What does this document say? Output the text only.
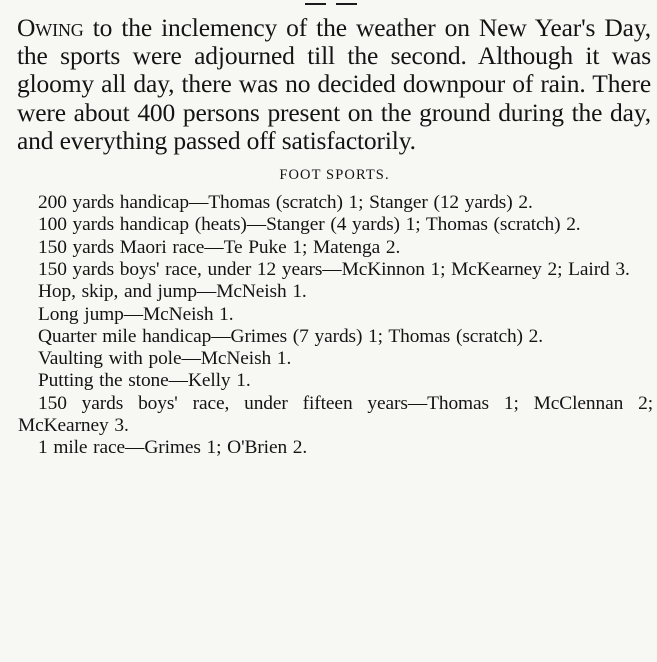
Owing to the inclemency of the weather on New Year's Day, the sports were adjourned till the second. Although it was gloomy all day, there was no decided downpour of rain. There were about 400 persons present on the ground during the day, and everything passed off satisfactorily.

FOOT SPORTS.
200 yards handicap—Thomas (scratch) 1; Stanger (12 yards) 2.
100 yards handicap (heats)—Stanger (4 yards) 1; Thomas (scratch) 2.
150 yards Maori race—Te Puke 1; Matenga 2.
150 yards boys' race, under 12 years—McKinnon 1; McKearney 2; Laird 3.
Hop, skip, and jump—McNeish 1.
Long jump—McNeish 1.
Quarter mile handicap—Grimes (7 yards) 1; Thomas (scratch) 2.
Vaulting with pole—McNeish 1.
Putting the stone—Kelly 1.
150 yards boys' race, under fifteen years—Thomas 1; McClennan 2; McKearney 3.
1 mile race—Grimes 1; O'Brien 2.
